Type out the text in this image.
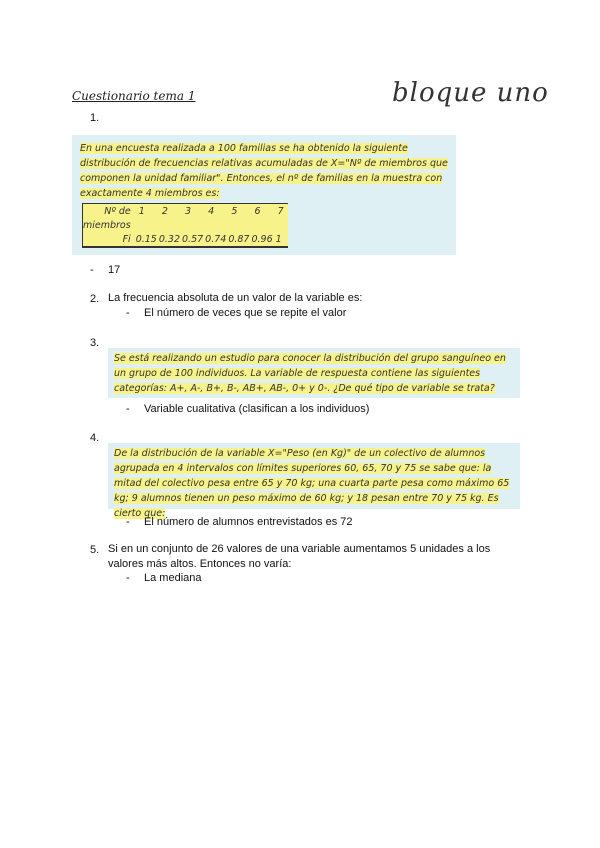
Cuestionario tema 1	bloque uno
1.
En una encuesta realizada a 100 familias se ha obtenido la siguiente distribución de frecuencias relativas acumuladas de X="Nº de miembros que componen la unidad familiar". Entonces, el nº de familias en la muestra con exactamente 4 miembros es:
Nº de	1	2	3	4	5	6	7
miembros							
Fi	0.15	0.32	0.57	0.74	0.87	0.96	1
- 17
2. La frecuencia absoluta de un valor de la variable es:
- El número de veces que se repite el valor
3.
Se está realizando un estudio para conocer la distribución del grupo sanguíneo en un grupo de 100 individuos. La variable de respuesta contiene las siguientes categorías: A+, A-, B+, B-, AB+, AB-, 0+ y 0-. ¿De qué tipo de variable se trata?
- Variable cualitativa (clasifican a los individuos)
4.
De la distribución de la variable X="Peso (en Kg)" de un colectivo de alumnos agrupada en 4 intervalos con límites superiores 60, 65, 70 y 75 se sabe que: la mitad del colectivo pesa entre 65 y 70 kg; una cuarta parte pesa como máximo 65 kg; 9 alumnos tienen un peso máximo de 60 kg; y 18 pesan entre 70 y 75 kg. Es cierto que:
- El número de alumnos entrevistados es 72
5. Si en un conjunto de 26 valores de una variable aumentamos 5 unidades a los
valores más altos. Entonces no varía:
- La mediana
